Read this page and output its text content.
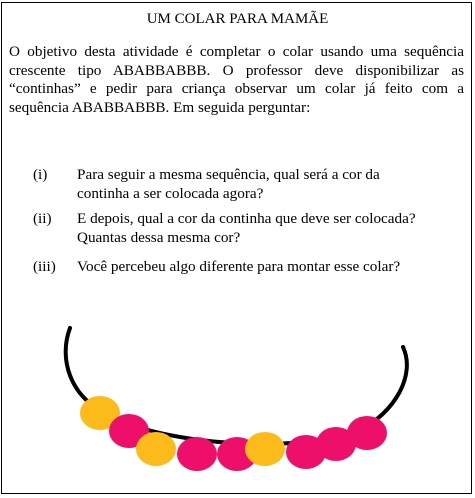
UM COLAR PARA MAMÃE

O objetivo desta atividade é completar o colar usando uma sequência crescente tipo ABABBABBB. O professor deve disponibilizar as “continhas” e pedir para criança observar um colar já feito com a sequência ABABBABBB. Em seguida perguntar:

(i) Para seguir a mesma sequência, qual será a cor da
continha a ser colocada agora?
(ii) E depois, qual a cor da continha que deve ser colocada?
Quantas dessa mesma cor?
(iii) Você percebeu algo diferente para montar esse colar?
